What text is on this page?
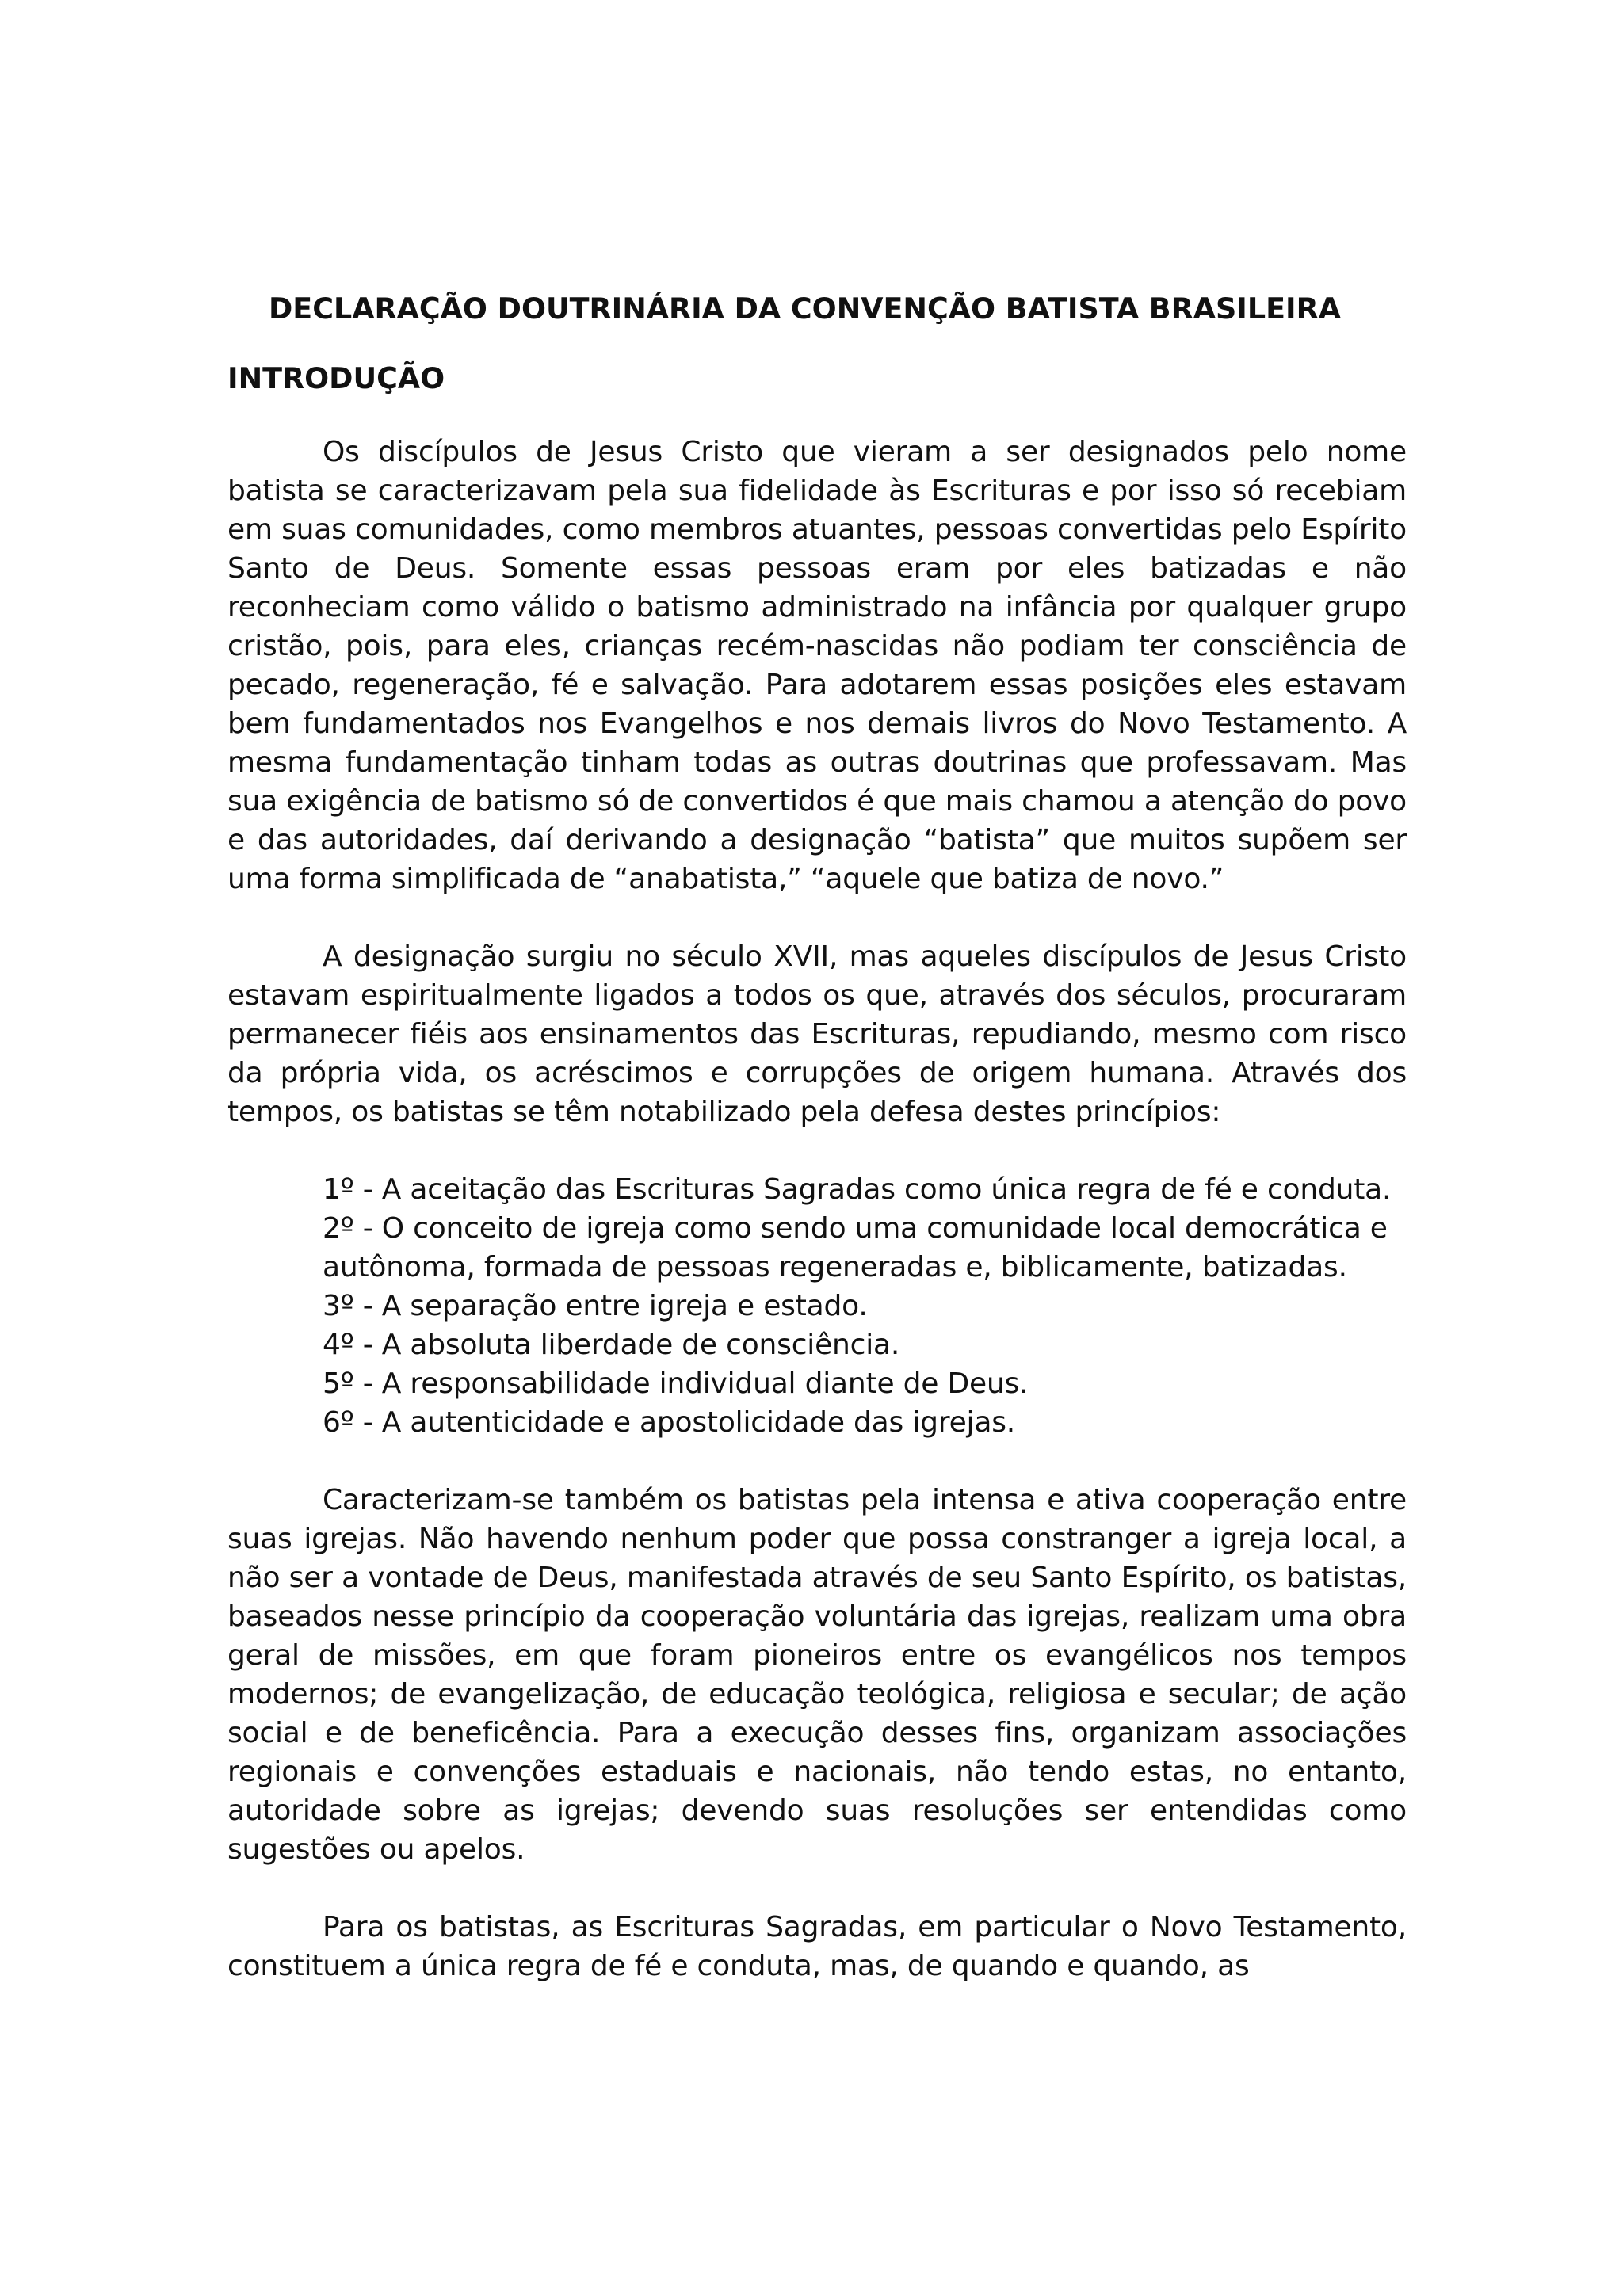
DECLARAÇÃO DOUTRINÁRIA DA CONVENÇÃO BATISTA BRASILEIRA
INTRODUÇÃO

Os discípulos de Jesus Cristo que vieram a ser designados pelo nome batista se caracterizavam pela sua fidelidade às Escrituras e por isso só recebiam em suas comunidades, como membros atuantes, pessoas convertidas pelo Espírito Santo de Deus. Somente essas pessoas eram por eles batizadas e não reconheciam como válido o batismo administrado na infância por qualquer grupo cristão, pois, para eles, crianças recém-nascidas não podiam ter consciência de pecado, regeneração, fé e salvação. Para adotarem essas posições eles estavam bem fundamentados nos Evangelhos e nos demais livros do Novo Testamento. A mesma fundamentação tinham todas as outras doutrinas que professavam. Mas sua exigência de batismo só de convertidos é que mais chamou a atenção do povo e das autoridades, daí derivando a designação “batista” que muitos supõem ser uma forma simplificada de “anabatista,” “aquele que batiza de novo.”

A designação surgiu no século XVII, mas aqueles discípulos de Jesus Cristo estavam espiritualmente ligados a todos os que, através dos séculos, procuraram permanecer fiéis aos ensinamentos das Escrituras, repudiando, mesmo com risco da própria vida, os acréscimos e corrupções de origem humana. Através dos tempos, os batistas se têm notabilizado pela defesa destes princípios:

1º - A aceitação das Escrituras Sagradas como única regra de fé e conduta.
2º - O conceito de igreja como sendo uma comunidade local democrática e autônoma, formada de pessoas regeneradas e, biblicamente, batizadas.
3º - A separação entre igreja e estado.
4º - A absoluta liberdade de consciência.
5º - A responsabilidade individual diante de Deus.
6º - A autenticidade e apostolicidade das igrejas.

Caracterizam-se também os batistas pela intensa e ativa cooperação entre suas igrejas. Não havendo nenhum poder que possa constranger a igreja local, a não ser a vontade de Deus, manifestada através de seu Santo Espírito, os batistas, baseados nesse princípio da cooperação voluntária das igrejas, realizam uma obra geral de missões, em que foram pioneiros entre os evangélicos nos tempos modernos; de evangelização, de educação teológica, religiosa e secular; de ação social e de beneficência. Para a execução desses fins, organizam associações regionais e convenções estaduais e nacionais, não tendo estas, no entanto, autoridade sobre as igrejas; devendo suas resoluções ser entendidas como sugestões ou apelos.

Para os batistas, as Escrituras Sagradas, em particular o Novo Testamento, constituem a única regra de fé e conduta, mas, de quando e quando, as
